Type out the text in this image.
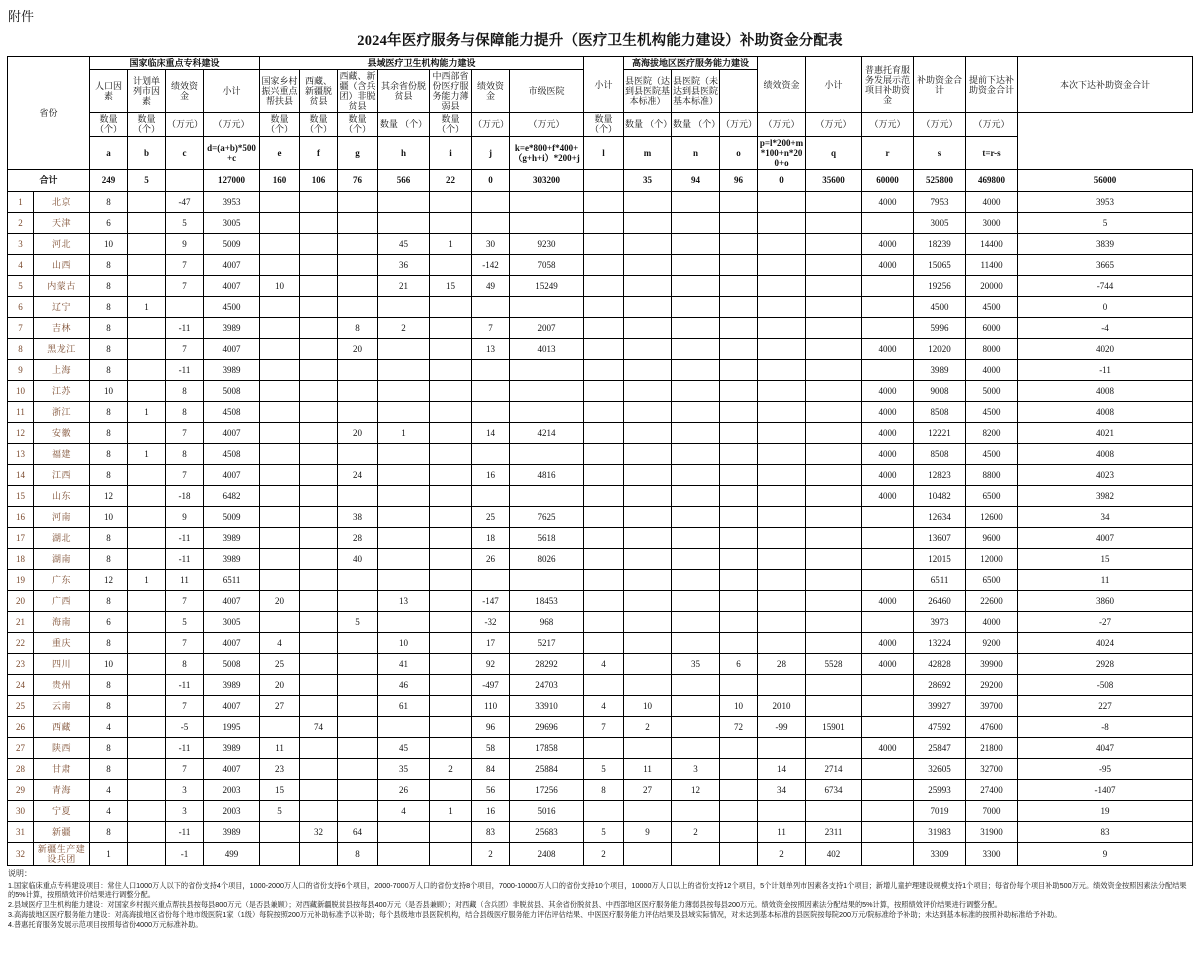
附件
2024年医疗服务与保障能力提升（医疗卫生机构能力建设）补助资金分配表
省份		国家临床重点专科建设				县域医疗卫生机构能力建设							小计	高海拔地区医疗服务能力建设			绩效资金	小计	普惠托育服务发展示范项目补助资金	补助资金合计	提前下达补助资金合计	本次下达补助资金合计
		人口因素	计划单列市因素	绩效资金	小计	国家乡村振兴重点帮扶县	西藏、新疆脱贫县	西藏、新疆（含兵团）非脱贫县	其余省份脱贫县	中西部省份医疗服务能力薄弱县	绩效资金	市级医院		县医院（达到县医院基本标准）	县医院（未达到县医院基本标准）							
		数量 （个）	数量 （个）	（万元）	（万元）	数量 （个）	数量 （个）	数量 （个）	数量 （个）	数量 （个）	（万元）	（万元）	数量 （个）	数量 （个）	数量 （个）	（万元）	（万元）	（万元）	（万元）	（万元）	（万元）	
		a	b	c	d=(a+b)*500+c	e	f	g	h	i	j	k=e*800+f*400+（g+h+i）*200+j	l	m	n	o	p=l*200+m*100+n*200+o	q	r	s	t=r-s	
合计		249	5		127000	160	106	76	566	22	0	303200		35	94	96	0	35600	60000	525800	469800	56000
1	北京	8		-47	3953														4000	7953	4000	3953
2	天津	6		5	3005															3005	3000	5
3	河北	10		9	5009				45	1	30	9230							4000	18239	14400	3839
4	山西	8		7	4007				36		-142	7058							4000	15065	11400	3665
5	内蒙古	8		7	4007	10			21	15	49	15249								19256	20000	-744
6	辽宁	8	1		4500															4500	4500	0
7	吉林	8		-11	3989			8	2		7	2007								5996	6000	-4
8	黑龙江	8		7	4007			20			13	4013							4000	12020	8000	4020
9	上海	8		-11	3989															3989	4000	-11
10	江苏	10		8	5008														4000	9008	5000	4008
11	浙江	8	1	8	4508														4000	8508	4500	4008
12	安徽	8		7	4007			20	1		14	4214							4000	12221	8200	4021
13	福建	8	1	8	4508														4000	8508	4500	4008
14	江西	8		7	4007			24			16	4816							4000	12823	8800	4023
15	山东	12		-18	6482														4000	10482	6500	3982
16	河南	10		9	5009			38			25	7625								12634	12600	34
17	湖北	8		-11	3989			28			18	5618								13607	9600	4007
18	湖南	8		-11	3989			40			26	8026								12015	12000	15
19	广东	12	1	11	6511															6511	6500	11
20	广西	8		7	4007	20			13		-147	18453							4000	26460	22600	3860
21	海南	6		5	3005			5			-32	968								3973	4000	-27
22	重庆	8		7	4007	4			10		17	5217							4000	13224	9200	4024
23	四川	10		8	5008	25			41		92	28292	4		35	6	28	5528	4000	42828	39900	2928
24	贵州	8		-11	3989	20			46		-497	24703								28692	29200	-508
25	云南	8		7	4007	27			61		110	33910	4	10		10	2010			39927	39700	227
26	西藏	4		-5	1995		74				96	29696	7	2		72	-99	15901		47592	47600	-8
27	陕西	8		-11	3989	11			45		58	17858							4000	25847	21800	4047
28	甘肃	8		7	4007	23			35	2	84	25884	5	11	3		14	2714		32605	32700	-95
29	青海	4		3	2003	15			26		56	17256	8	27	12		34	6734		25993	27400	-1407
30	宁夏	4		3	2003	5			4	1	16	5016								7019	7000	19
31	新疆	8		-11	3989		32	64			83	25683	5	9	2		11	2311		31983	31900	83
32	新疆生产建设兵团	1		-1	499			8			2	2408	2				2	402		3309	3300	9
说明：
1.国家临床重点专科建设项目：常住人口1000万人以下的省份支持4个项目，1000-2000万人口的省份支持6个项目，2000-7000万人口的省份支持8个项目，7000-10000万人口的省份支持10个项目，10000万人口以上的省份支持12个项目，5个计划单列市因素各支持1个项目；新增儿童护理建设规模支持1个项目；每省份每个项目补助500万元。绩效资金按照因素法分配结果的5%计算，按照绩效评价结果进行调整分配。
2.县域医疗卫生机构能力建设：对国家乡村振兴重点帮扶县按每县800万元（是否县兼顾）；对西藏新疆脱贫县按每县400万元（是否县兼顾）；对西藏（含兵团）非脱贫县、其余省份脱贫县、中西部地区医疗服务能力薄弱县按每县200万元。绩效资金按照因素法分配结果的5%计算，按照绩效评价结果进行调整分配。
3.高海拔地区医疗服务能力建设：对高海拔地区省份每个地市级医院1家（1级）每院按照200万元补助标准予以补助；每个县级地市县医院机构，结合县级医疗服务能力评估评估结果、中医医疗服务能力评估结果及县域实际情况，对未达到基本标准的县医院按每院200万元/院标准给予补助；未达到基本标准的按照补助标准给予补助。
4.普惠托育服务发展示范项目按照每省份4000万元标准补助。
